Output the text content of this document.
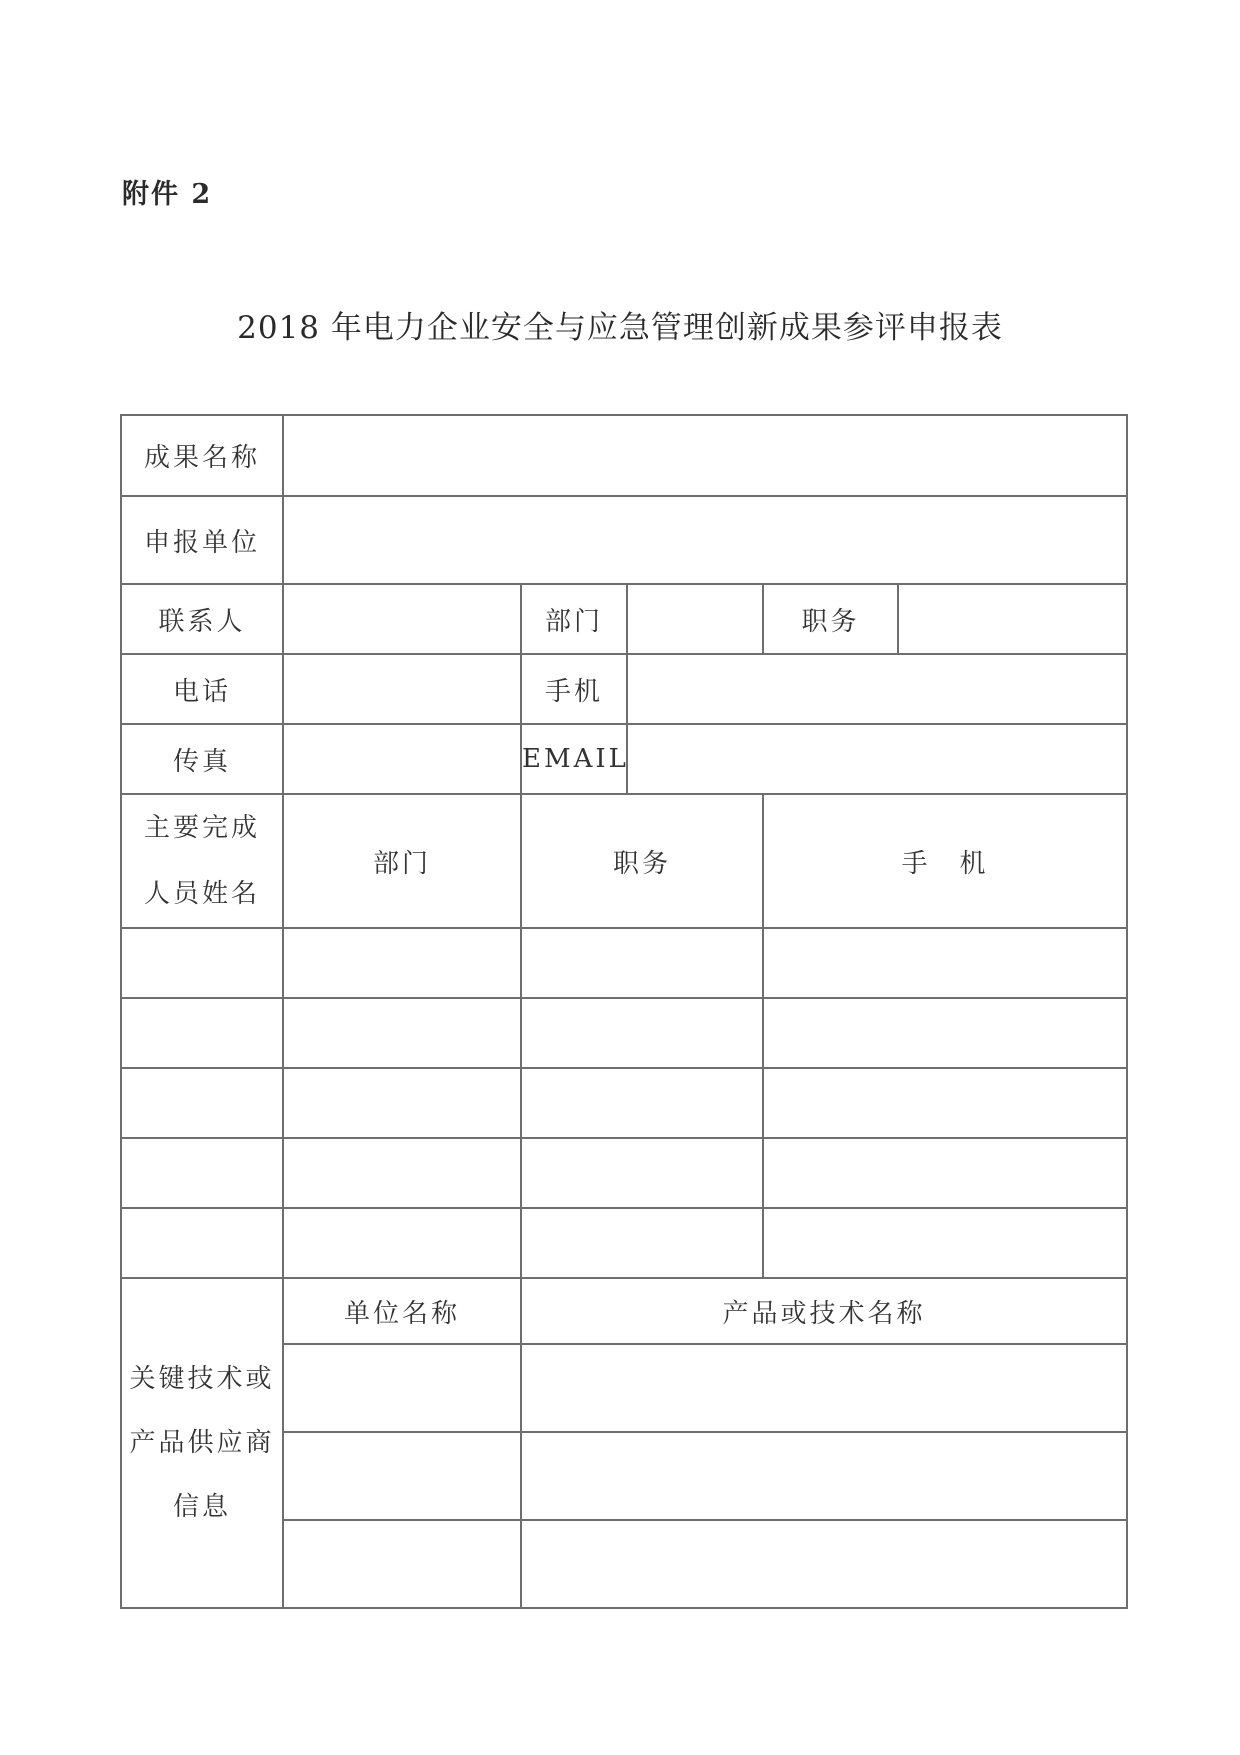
附件 2
2018 年电力企业安全与应急管理创新成果参评申报表
成果名称					
申报单位					
联系人		部门		职务	
电话		手机			
传真		EMAIL			
主要完成
人员姓名	部门	职务		手　机	

关键技术或
产品供应商
信息	单位名称	产品或技术名称			
